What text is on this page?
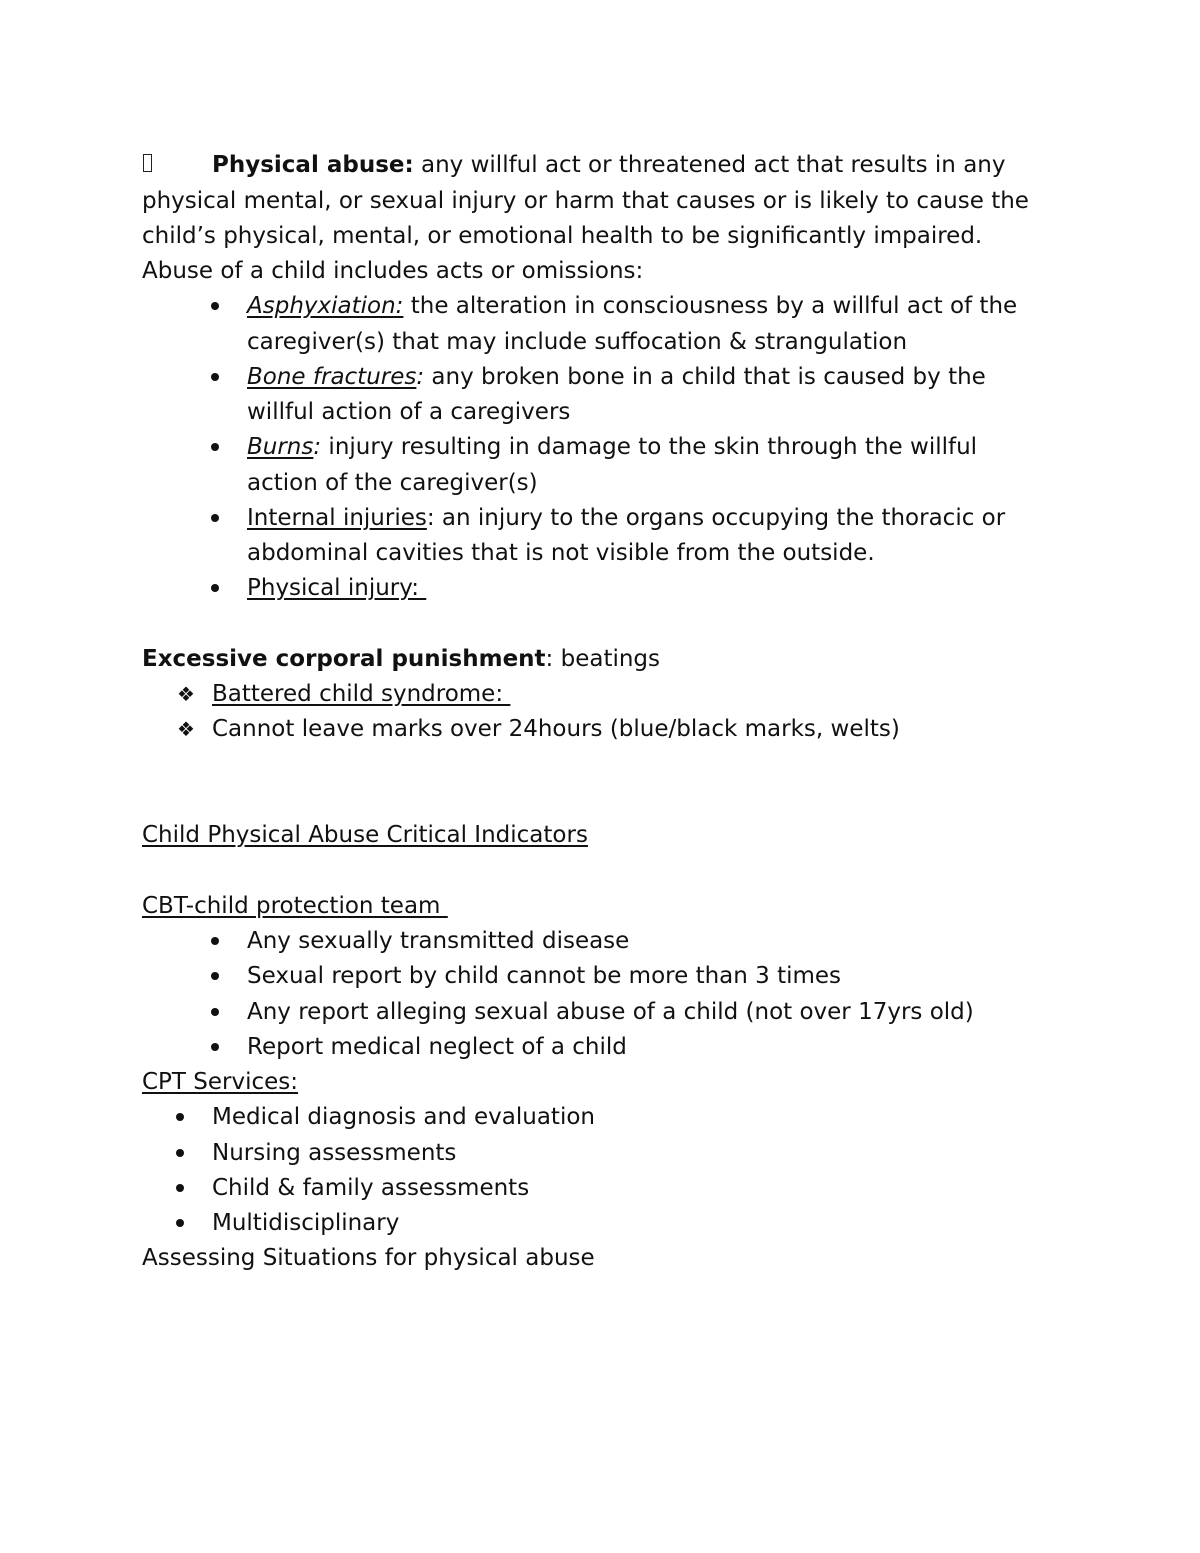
Physical abuse: any willful act or threatened act that results in any
physical mental, or sexual injury or harm that causes or is likely to cause the
child’s physical, mental, or emotional health to be significantly impaired.
Abuse of a child includes acts or omissions:
Asphyxiation: the alteration in consciousness by a willful act of the
caregiver(s) that may include suffocation & strangulation
Bone fractures: any broken bone in a child that is caused by the
willful action of a caregivers
Burns: injury resulting in damage to the skin through the willful
action of the caregiver(s)
Internal injuries: an injury to the organs occupying the thoracic or
abdominal cavities that is not visible from the outside.
Physical injury:
Excessive corporal punishment: beatings
❖ Battered child syndrome:
❖ Cannot leave marks over 24hours (blue/black marks, welts)
Child Physical Abuse Critical Indicators
CBT-child protection team
Any sexually transmitted disease
Sexual report by child cannot be more than 3 times
Any report alleging sexual abuse of a child (not over 17yrs old)
Report medical neglect of a child
CPT Services:
Medical diagnosis and evaluation
Nursing assessments
Child & family assessments
Multidisciplinary
Assessing Situations for physical abuse
